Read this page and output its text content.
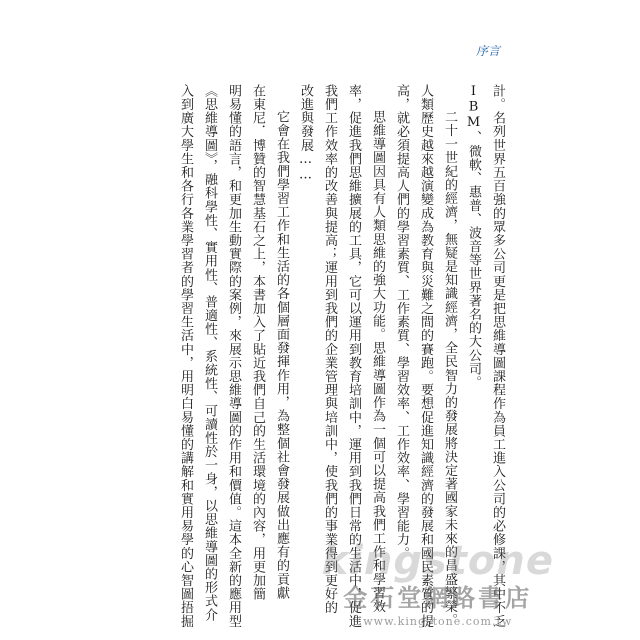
序言
計。名列世界五百強的眾多公司更是把思維導圖課程作為員工進入公司的必修課，其中不乏
IBM、微軟、惠普、波音等世界著名的大公司。
二十一世紀的經濟，無疑是知識經濟，全民智力的發展將決定著國家未來的昌盛繁榮。
人類歷史越來越演變成為教育與災難之間的賽跑。要想促進知識經濟的發展和國民素質的提
高，就必須提高人們的學習素質、工作素質、學習效率、工作效率、學習能力。
思維導圖因具有人類思維的強大功能。思維導圖作為一個可以提高我們工作和學習效
率，促進我們思維擴展的工具，它可以運用到教育培訓中，運用到我們日常的生活中，促進
我們工作效率的改善與提高；運用到我們的企業管理與培訓中，使我們的事業得到更好的
改進與發展……
它會在我們學習工作和生活的各個層面發揮作用，為整個社會發展做出應有的貢獻
在東尼．博贊的智慧基石之上，本書加入了貼近我們自己的生活環境的內容，用更加簡
明易懂的語言，和更加生動實際的案例，來展示思維導圖的作用和價值。這本全新的應用型
《思維導圖》，融科學性、實用性、普適性、系統性、可讀性於一身，以思維導圖的形式介
入到廣大學生和各行各業學習者的學習生活中，用明白易懂的講解和實用易學的心智圖捂掘	kingstone
金石堂網路書店
www.kingstone.com.tw
